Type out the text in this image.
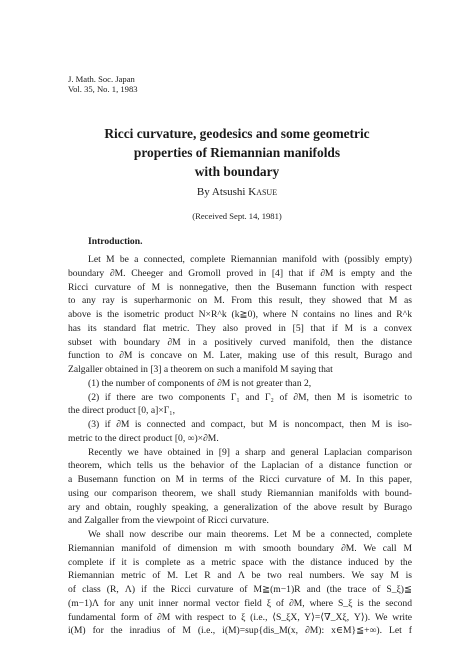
J. Math. Soc. Japan
Vol. 35, No. 1, 1983
Ricci curvature, geodesics and some geometric
properties of Riemannian manifolds
with boundary
By Atsushi Kasue
(Received Sept. 14, 1981)
Introduction.
Let M be a connected, complete Riemannian manifold with (possibly empty)
boundary ∂M. Cheeger and Gromoll proved in [4] that if ∂M is empty and the
Ricci curvature of M is nonnegative, then the Busemann function with respect
to any ray is superharmonic on M. From this result, they showed that M as
above is the isometric product N×R^k (k≧0), where N contains no lines and R^k
has its standard flat metric. They also proved in [5] that if M is a convex
subset with boundary ∂M in a positively curved manifold, then the distance
function to ∂M is concave on M. Later, making use of this result, Burago and
Zalgaller obtained in [3] a theorem on such a manifold M saying that
(1) the number of components of ∂M is not greater than 2,
(2) if there are two components Γ₁ and Γ₂ of ∂M, then M is isometric to
the direct product [0, a]×Γ₁,
(3) if ∂M is connected and compact, but M is noncompact, then M is iso-
metric to the direct product [0, ∞)×∂M.
Recently we have obtained in [9] a sharp and general Laplacian comparison
theorem, which tells us the behavior of the Laplacian of a distance function or
a Busemann function on M in terms of the Ricci curvature of M. In this paper,
using our comparison theorem, we shall study Riemannian manifolds with bound-
ary and obtain, roughly speaking, a generalization of the above result by Burago
and Zalgaller from the viewpoint of Ricci curvature.
We shall now describe our main theorems. Let M be a connected, complete
Riemannian manifold of dimension m with smooth boundary ∂M. We call M
complete if it is complete as a metric space with the distance induced by the
Riemannian metric of M. Let R and Λ be two real numbers. We say M is
of class (R, Λ) if the Ricci curvature of M≧(m−1)R and (the trace of S_ξ)≦
(m−1)Λ for any unit inner normal vector field ξ of ∂M, where S_ξ is the second
fundamental form of ∂M with respect to ξ (i.e., ⟨S_ξX, Y⟩=⟨∇_Xξ, Y⟩). We write
i(M) for the inradius of M (i.e., i(M)=sup{dis_M(x, ∂M): x∈M}≦+∞). Let f
